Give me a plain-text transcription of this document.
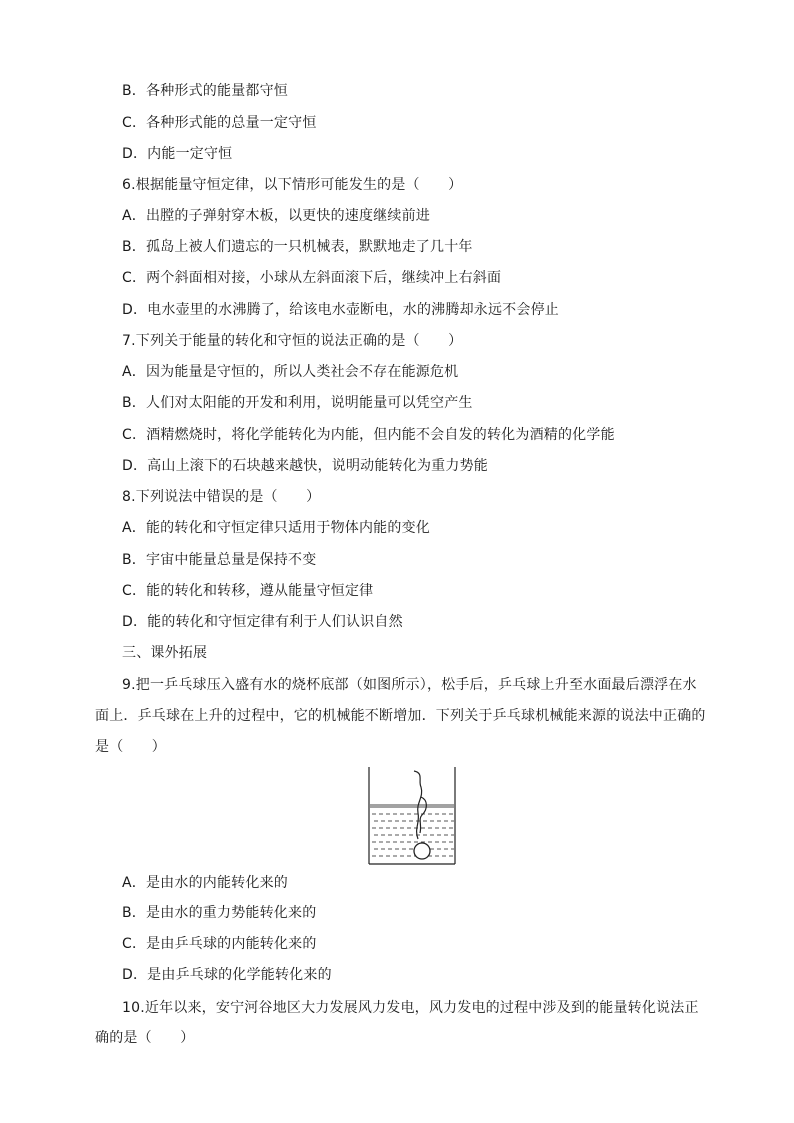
B．各种形式的能量都守恒
C．各种形式能的总量一定守恒
D．内能一定守恒
6.根据能量守恒定律，以下情形可能发生的是（　　）
A．出膛的子弹射穿木板，以更快的速度继续前进
B．孤岛上被人们遗忘的一只机械表，默默地走了几十年
C．两个斜面相对接，小球从左斜面滚下后，继续冲上右斜面
D．电水壶里的水沸腾了，给该电水壶断电，水的沸腾却永远不会停止
7.下列关于能量的转化和守恒的说法正确的是（　　）
A．因为能量是守恒的，所以人类社会不存在能源危机
B．人们对太阳能的开发和利用，说明能量可以凭空产生
C．酒精燃烧时，将化学能转化为内能，但内能不会自发的转化为酒精的化学能
D．高山上滚下的石块越来越快，说明动能转化为重力势能
8.下列说法中错误的是（　　）
A．能的转化和守恒定律只适用于物体内能的变化
B．宇宙中能量总量是保持不变
C．能的转化和转移，遵从能量守恒定律
D．能的转化和守恒定律有利于人们认识自然
三、课外拓展
9.把一乒乓球压入盛有水的烧杯底部（如图所示），松手后，乒乓球上升至水面最后漂浮在水
面上．乒乓球在上升的过程中，它的机械能不断增加．下列关于乒乓球机械能来源的说法中正确的
是（　　）
A．是由水的内能转化来的
B．是由水的重力势能转化来的
C．是由乒乓球的内能转化来的
D．是由乒乓球的化学能转化来的
10.近年以来，安宁河谷地区大力发展风力发电，风力发电的过程中涉及到的能量转化说法正
确的是（　　）
